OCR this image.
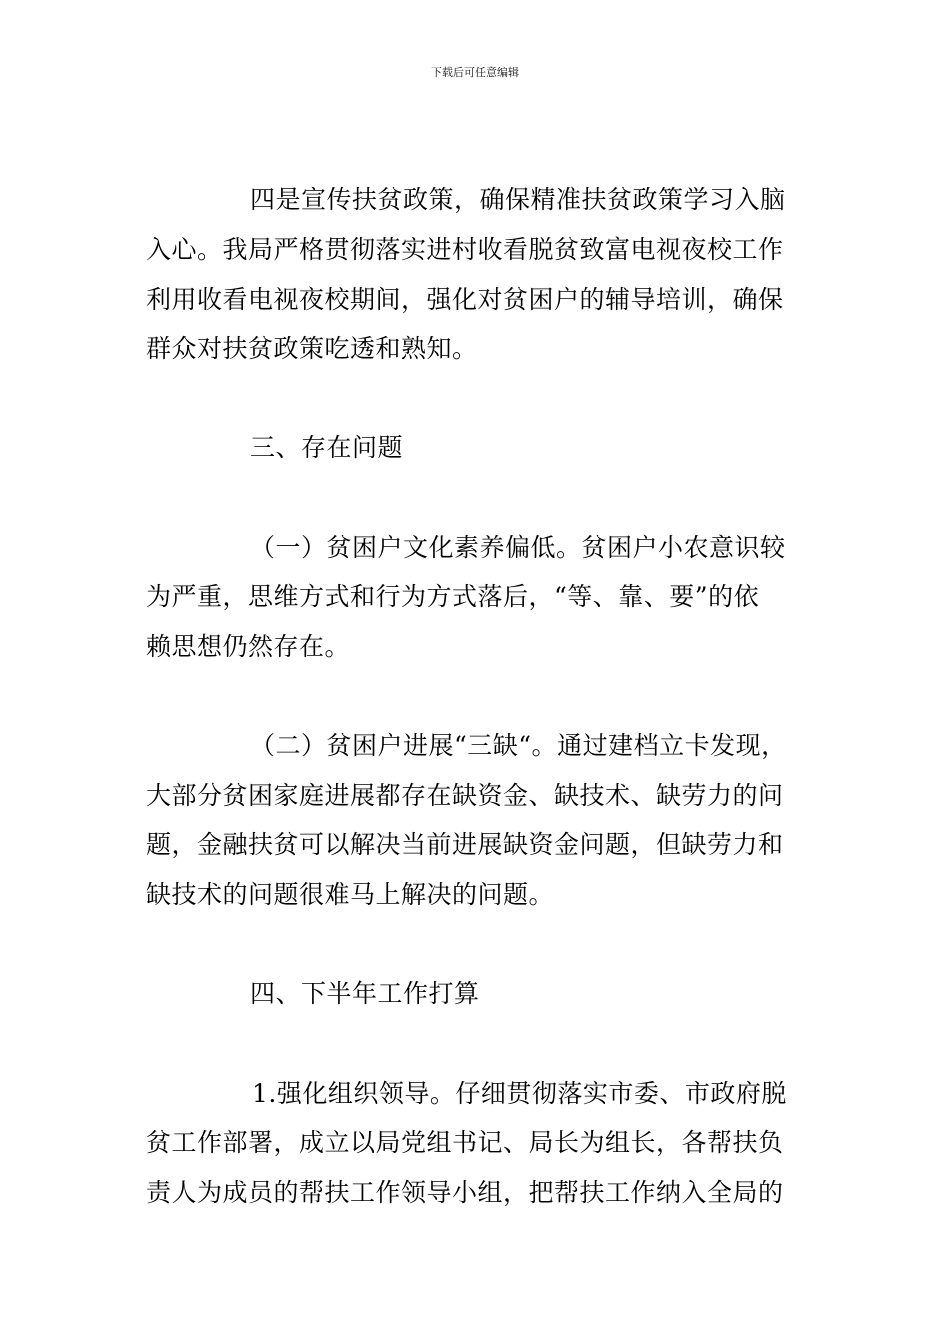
下载后可任意编辑
四是宣传扶贫政策，确保精准扶贫政策学习入脑
入心。我局严格贯彻落实进村收看脱贫致富电视夜校工作
利用收看电视夜校期间，强化对贫困户的辅导培训，确保
群众对扶贫政策吃透和熟知。
三、存在问题
（一）贫困户文化素养偏低。贫困户小农意识较
为严重，思维方式和行为方式落后，“等、靠、要”的依
赖思想仍然存在。
（二）贫困户进展“三缺“。通过建档立卡发现，
大部分贫困家庭进展都存在缺资金、缺技术、缺劳力的问
题，金融扶贫可以解决当前进展缺资金问题，但缺劳力和
缺技术的问题很难马上解决的问题。
四、下半年工作打算
1.强化组织领导。仔细贯彻落实市委、市政府脱
贫工作部署，成立以局党组书记、局长为组长，各帮扶负
责人为成员的帮扶工作领导小组，把帮扶工作纳入全局的
